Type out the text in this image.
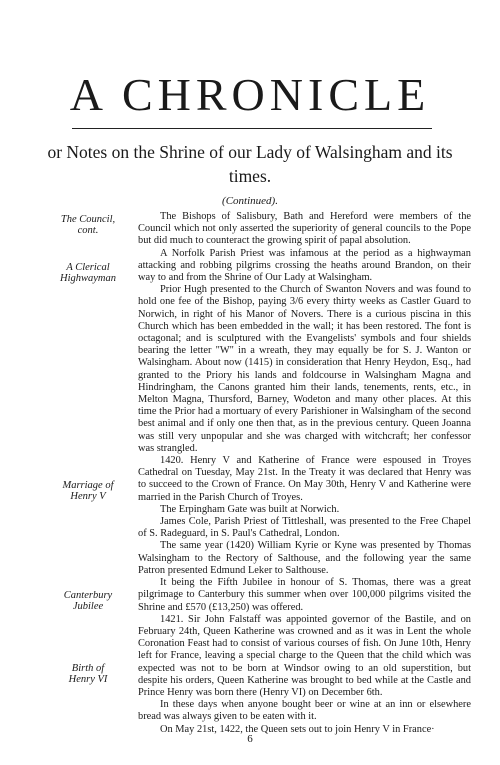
A CHRONICLE

or Notes on the Shrine of our Lady of Walsingham and its times.

(Continued).

The Council, cont.

A Clerical Highwayman

Marriage of Henry V

Canterbury Jubilee

Birth of Henry VI

The Bishops of Salisbury, Bath and Hereford were members of the Council which not only asserted the superiority of general councils to the Pope but did much to counteract the growing spirit of papal absolution.

A Norfolk Parish Priest was infamous at the period as a highwayman attacking and robbing pilgrims crossing the heaths around Brandon, on their way to and from the Shrine of Our Lady at Walsingham.

Prior Hugh presented to the Church of Swanton Novers and was found to hold one fee of the Bishop, paying 3/6 every thirty weeks as Castler Guard to Norwich, in right of his Manor of Novers. There is a curious piscina in this Church which has been embedded in the wall; it has been restored. The font is octagonal; and is sculptured with the Evangelists' symbols and four shields bearing the letter "W" in a wreath, they may equally be for S. J. Wanton or Walsingham. About now (1415) in consideration that Henry Heydon, Esq., had granted to the Priory his lands and foldcourse in Walsingham Magna and Hindringham, the Canons granted him their lands, tenements, rents, etc., in Melton Magna, Thursford, Barney, Wodeton and many other places. At this time the Prior had a mortuary of every Parishioner in Walsingham of the second best animal and if only one then that, as in the previous century. Queen Joanna was still very unpopular and she was charged with witchcraft; her confessor was strangled.

1420. Henry V and Katherine of France were espoused in Troyes Cathedral on Tuesday, May 21st. In the Treaty it was declared that Henry was to succeed to the Crown of France. On May 30th, Henry V and Katherine were married in the Parish Church of Troyes.

The Erpingham Gate was built at Norwich.

James Cole, Parish Priest of Tittleshall, was presented to the Free Chapel of S. Radeguard, in S. Paul's Cathedral, London.

The same year (1420) William Kyrie or Kyne was presented by Thomas Walsingham to the Rectory of Salthouse, and the following year the same Patron presented Edmund Leker to Salthouse.

It being the Fifth Jubilee in honour of S. Thomas, there was a great pilgrimage to Canterbury this summer when over 100,000 pilgrims visited the Shrine and £570 (£13,250) was offered.

1421. Sir John Falstaff was appointed governor of the Bastile, and on February 24th, Queen Katherine was crowned and as it was in Lent the whole Coronation Feast had to consist of various courses of fish. On June 10th, Henry left for France, leaving a special charge to the Queen that the child which was expected was not to be born at Windsor owing to an old superstition, but despite his orders, Queen Katherine was brought to bed while at the Castle and Prince Henry was born there (Henry VI) on December 6th.

In these days when anyone bought beer or wine at an inn or elsewhere bread was always given to be eaten with it.

On May 21st, 1422, the Queen sets out to join Henry V in France·

6
